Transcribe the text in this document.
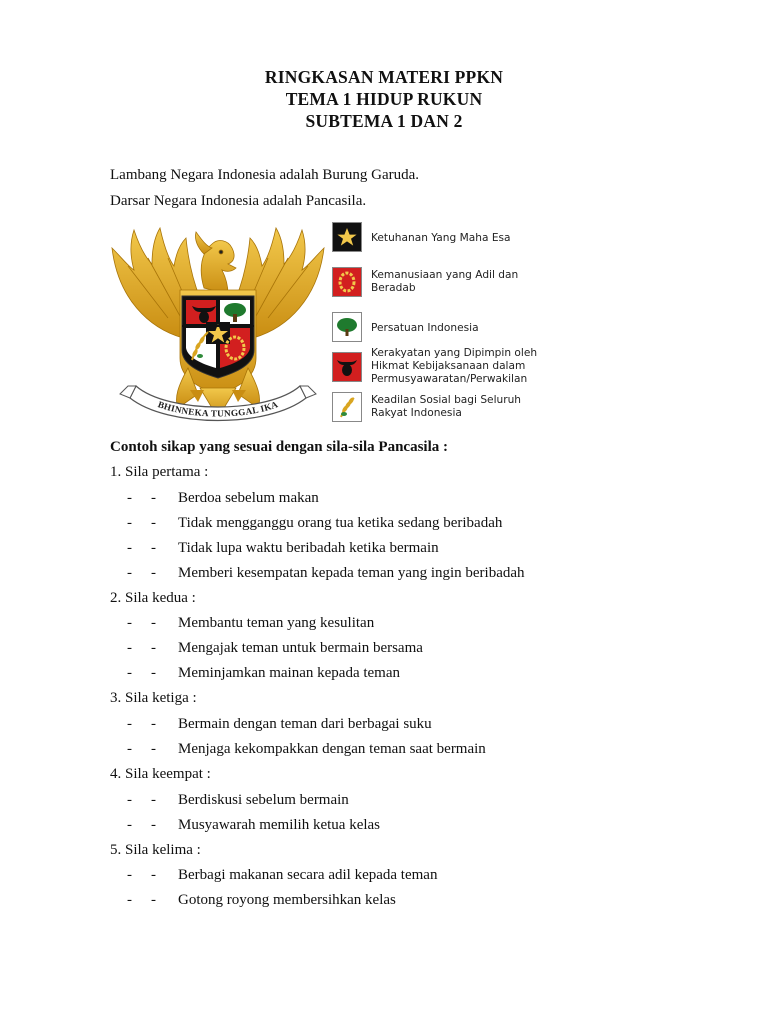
RINGKASAN MATERI PPKN
TEMA 1 HIDUP RUKUN
SUBTEMA 1 DAN 2
Lambang Negara Indonesia adalah Burung Garuda.
Darsar Negara Indonesia adalah Pancasila.
BHINNEKA TUNGGAL IKA
Ketuhanan Yang Maha Esa
Kemanusiaan yang Adil dan
Beradab
Persatuan Indonesia
Kerakyatan yang Dipimpin oleh
Hikmat Kebijaksanaan dalam
Permusyawaratan/Perwakilan
Keadilan Sosial bagi Seluruh
Rakyat Indonesia
Contoh sikap yang sesuai dengan sila-sila Pancasila :
1. Sila pertama :
- - Berdoa sebelum makan
- - Tidak mengganggu orang tua ketika sedang beribadah
- - Tidak lupa waktu beribadah ketika bermain
- - Memberi kesempatan kepada teman yang ingin beribadah
2. Sila kedua :
- - Membantu teman yang kesulitan
- - Mengajak teman untuk bermain bersama
- - Meminjamkan mainan kepada teman
3. Sila ketiga :
- - Bermain dengan teman dari berbagai suku
- - Menjaga kekompakkan dengan teman saat bermain
4. Sila keempat :
- - Berdiskusi sebelum bermain
- - Musyawarah memilih ketua kelas
5. Sila kelima :
- - Berbagi makanan secara adil kepada teman
- - Gotong royong membersihkan kelas
